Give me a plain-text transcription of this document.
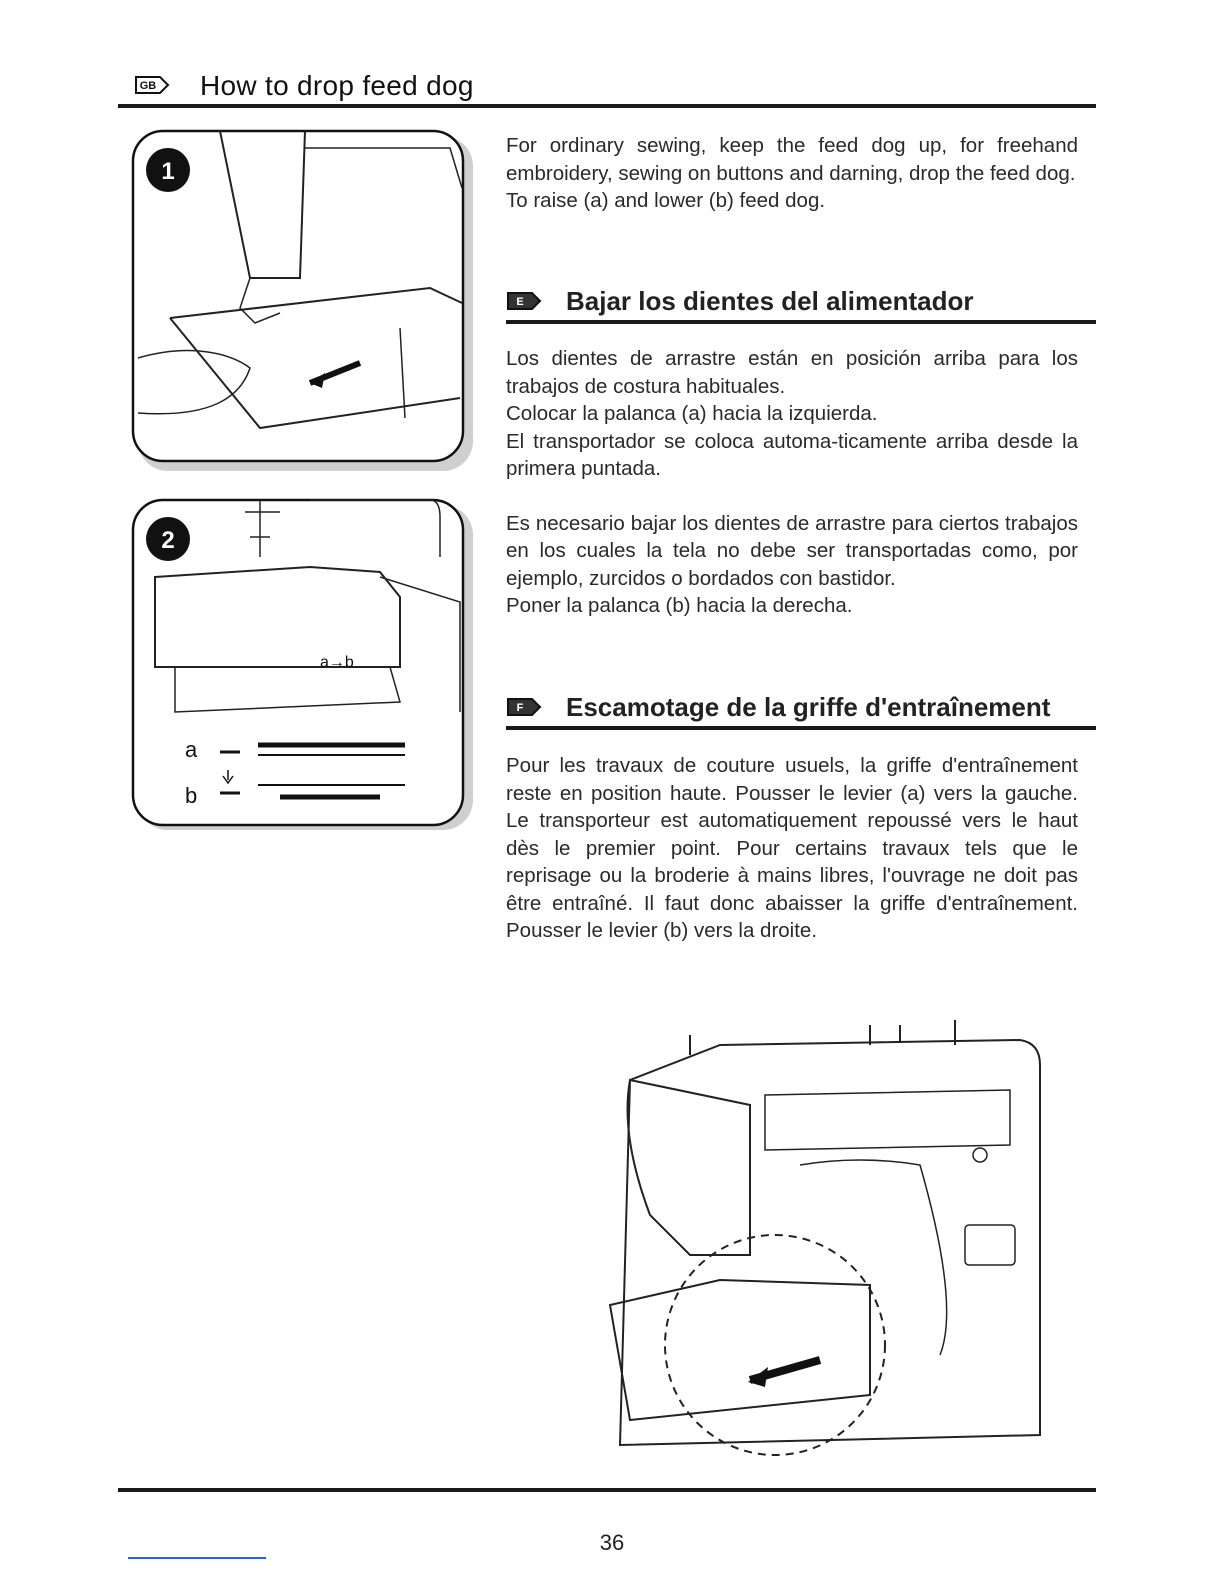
GB How to drop feed dog

For ordinary sewing, keep the feed dog up, for freehand embroidery, sewing on buttons and darning, drop the feed dog.

To raise (a) and lower (b) feed dog.

E Bajar los dientes del alimentador

Los dientes de arrastre están en posición arriba para los trabajos de costura habituales.

Colocar la palanca (a) hacia la izquierda.

El transportador se coloca automa-ticamente arriba desde la primera puntada.

Es necesario bajar los dientes de arrastre para ciertos trabajos en los cuales la tela no debe ser transportadas como, por ejemplo, zurcidos o bordados con bastidor.

Poner la palanca (b) hacia la derecha.

F Escamotage de la griffe d'entraînement

Pour les travaux de couture usuels, la griffe d'entraînement reste en position haute. Pousser le levier (a) vers la gauche. Le transporteur est automatiquement repoussé vers le haut dès le premier point. Pour certains travaux tels que le reprisage ou la broderie à mains libres, l'ouvrage ne doit pas être entraîné. Il faut donc abaisser la griffe d'entraînement. Pousser le levier (b) vers la droite.

1
a→b
a
b
2
36
